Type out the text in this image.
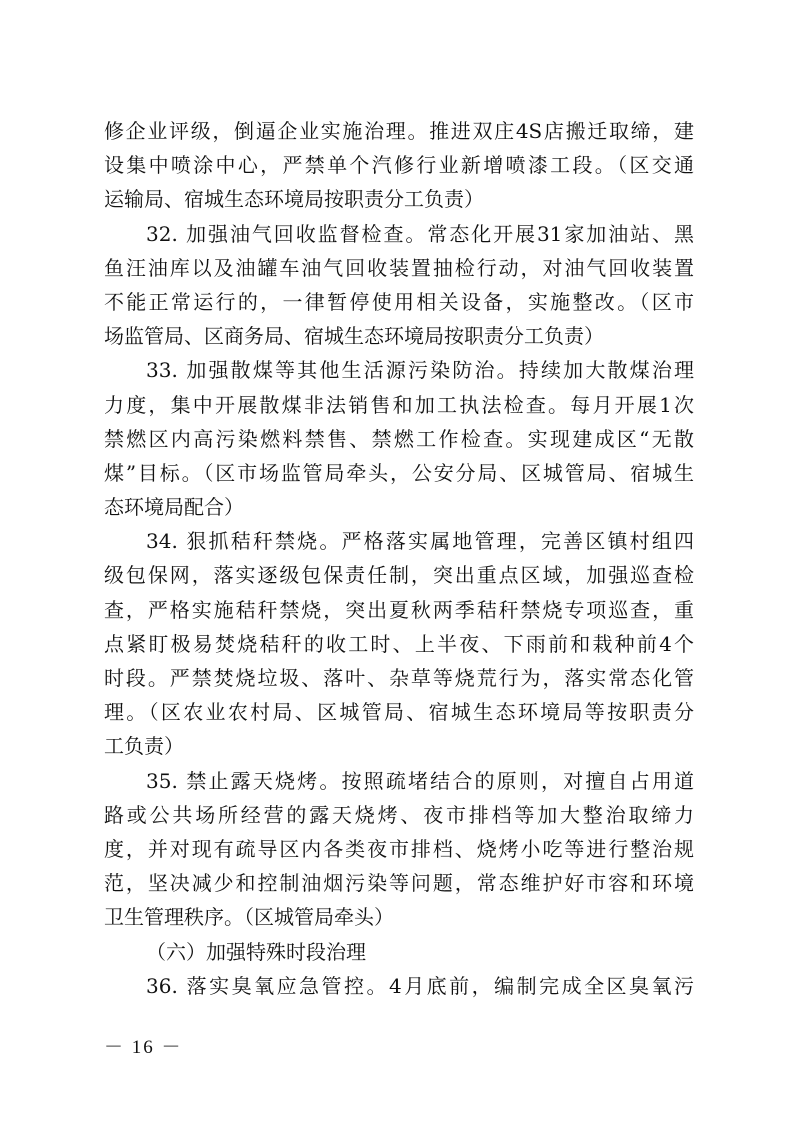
修企业评级，倒逼企业实施治理。推进双庄4S店搬迁取缔，建
设集中喷涂中心，严禁单个汽修行业新增喷漆工段。（区交通
运输局、宿城生态环境局按职责分工负责）
32. 加强油气回收监督检查。常态化开展31家加油站、黑
鱼汪油库以及油罐车油气回收装置抽检行动，对油气回收装置
不能正常运行的，一律暂停使用相关设备，实施整改。（区市
场监管局、区商务局、宿城生态环境局按职责分工负责）
33. 加强散煤等其他生活源污染防治。持续加大散煤治理
力度，集中开展散煤非法销售和加工执法检查。每月开展1次
禁燃区内高污染燃料禁售、禁燃工作检查。实现建成区“无散
煤”目标。（区市场监管局牵头，公安分局、区城管局、宿城生
态环境局配合）
34. 狠抓秸秆禁烧。严格落实属地管理，完善区镇村组四
级包保网，落实逐级包保责任制，突出重点区域，加强巡查检
查，严格实施秸秆禁烧，突出夏秋两季秸秆禁烧专项巡查，重
点紧盯极易焚烧秸秆的收工时、上半夜、下雨前和栽种前4个
时段。严禁焚烧垃圾、落叶、杂草等烧荒行为，落实常态化管
理。（区农业农村局、区城管局、宿城生态环境局等按职责分
工负责）
35. 禁止露天烧烤。按照疏堵结合的原则，对擅自占用道
路或公共场所经营的露天烧烤、夜市排档等加大整治取缔力
度，并对现有疏导区内各类夜市排档、烧烤小吃等进行整治规
范，坚决减少和控制油烟污染等问题，常态维护好市容和环境
卫生管理秩序。（区城管局牵头）
（六）加强特殊时段治理
36. 落实臭氧应急管控。4月底前，编制完成全区臭氧污
－ 16 －
